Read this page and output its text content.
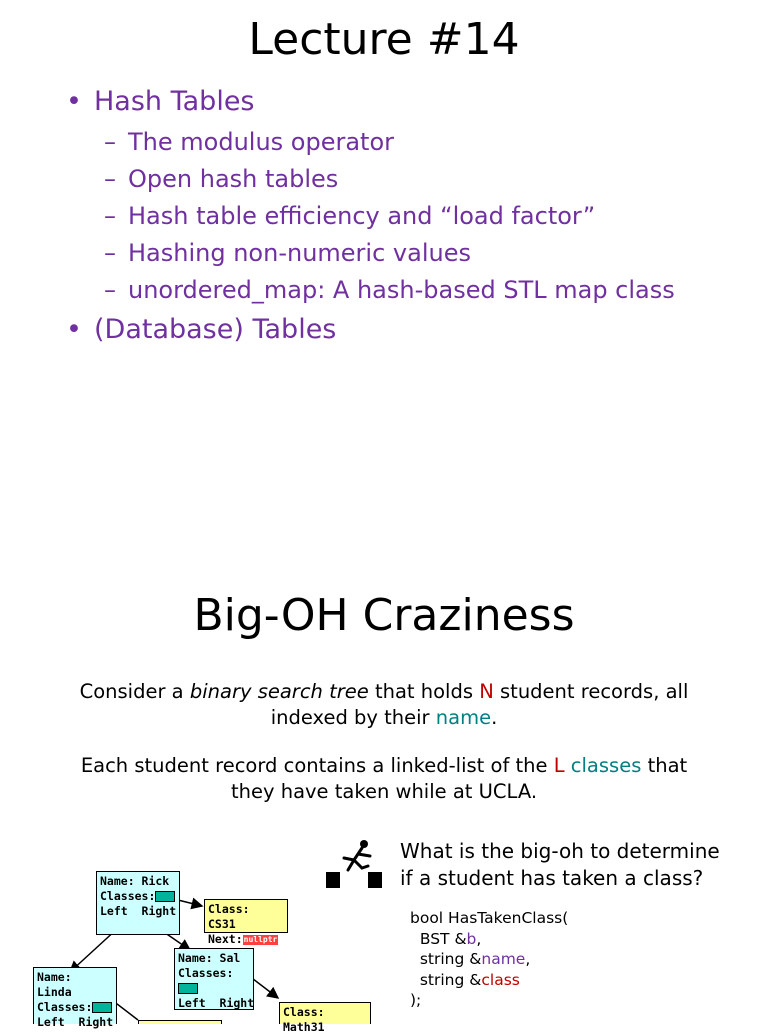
Lecture #14
• Hash Tables
– The modulus operator
– Open hash tables
– Hash table efficiency and “load factor”
– Hashing non-numeric values
– unordered_map: A hash-based STL map class
• (Database) Tables
Big-OH Craziness
Consider a binary search tree that holds N student records, all
indexed by their name.
Each student record contains a linked-list of the L classes that
they have taken while at UCLA.
What is the big-oh to determine
if a student has taken a class?
bool HasTakenClass(
BST &b,
string &name,
string &class
);
Name: Rick
Classes:
Left  Right	Class: CS31
Next:nullptr
Name: Sal
Classes:
Left  Right
Name: Linda
Classes:
Left  Right
Class: Math31
